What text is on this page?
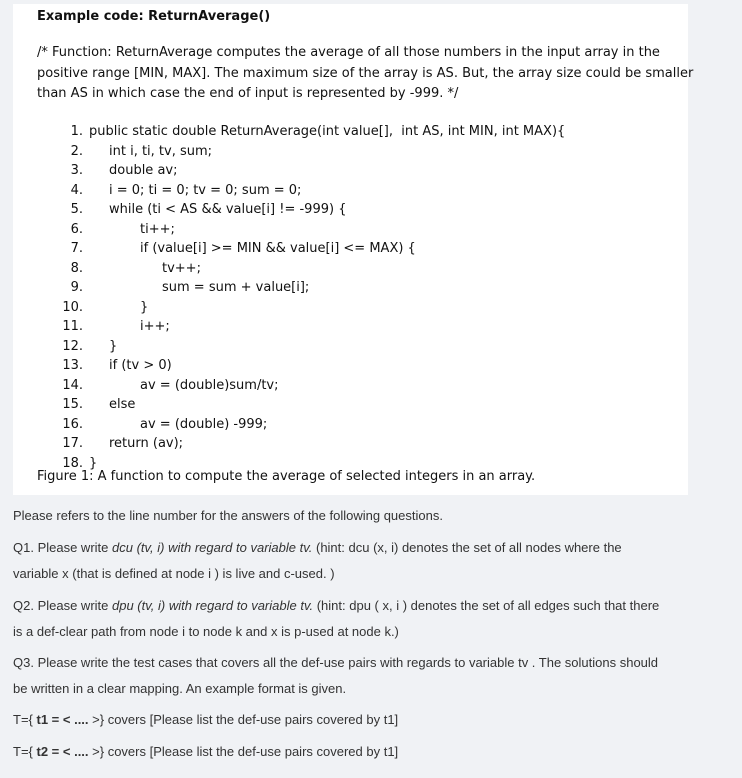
Example code: ReturnAverage()

/* Function: ReturnAverage computes the average of all those numbers in the input array in the

positive range [MIN, MAX]. The maximum size of the array is AS. But, the array size could be smaller

than AS in which case the end of input is represented by -999. */

1. public static double ReturnAverage(int value[],  int AS, int MIN, int MAX){
2. int i, ti, tv, sum;
3. double av;
4. i = 0; ti = 0; tv = 0; sum = 0;
5. while (ti < AS && value[i] != -999) {
6.	ti++;
7.	if (value[i] >= MIN && value[i] <= MAX) {
8.	tv++;
9.	sum = sum + value[i];
10.	}
11.	i++;
12. }
13. if (tv > 0)
14.	av = (double)sum/tv;
15. else
16.	av = (double) -999;
17. return (av);
18. }

Figure 1: A function to compute the average of selected integers in an array.

Please refers to the line number for the answers of the following questions.

Q1. Please write dcu (tv, i) with regard to variable tv. (hint: dcu (x, i) denotes the set of all nodes where the
variable x (that is defined at node i ) is live and c-used. )

Q2. Please write dpu (tv, i) with regard to variable tv. (hint: dpu ( x, i ) denotes the set of all edges such that there
is a def-clear path from node i to node k and x is p-used at node k.)

Q3. Please write the test cases that covers all the def-use pairs with regards to variable tv . The solutions should
be written in a clear mapping. An example format is given.

T={ t1 = < .... >} covers [Please list the def-use pairs covered by t1]

T={ t2 = < .... >} covers [Please list the def-use pairs covered by t1]
